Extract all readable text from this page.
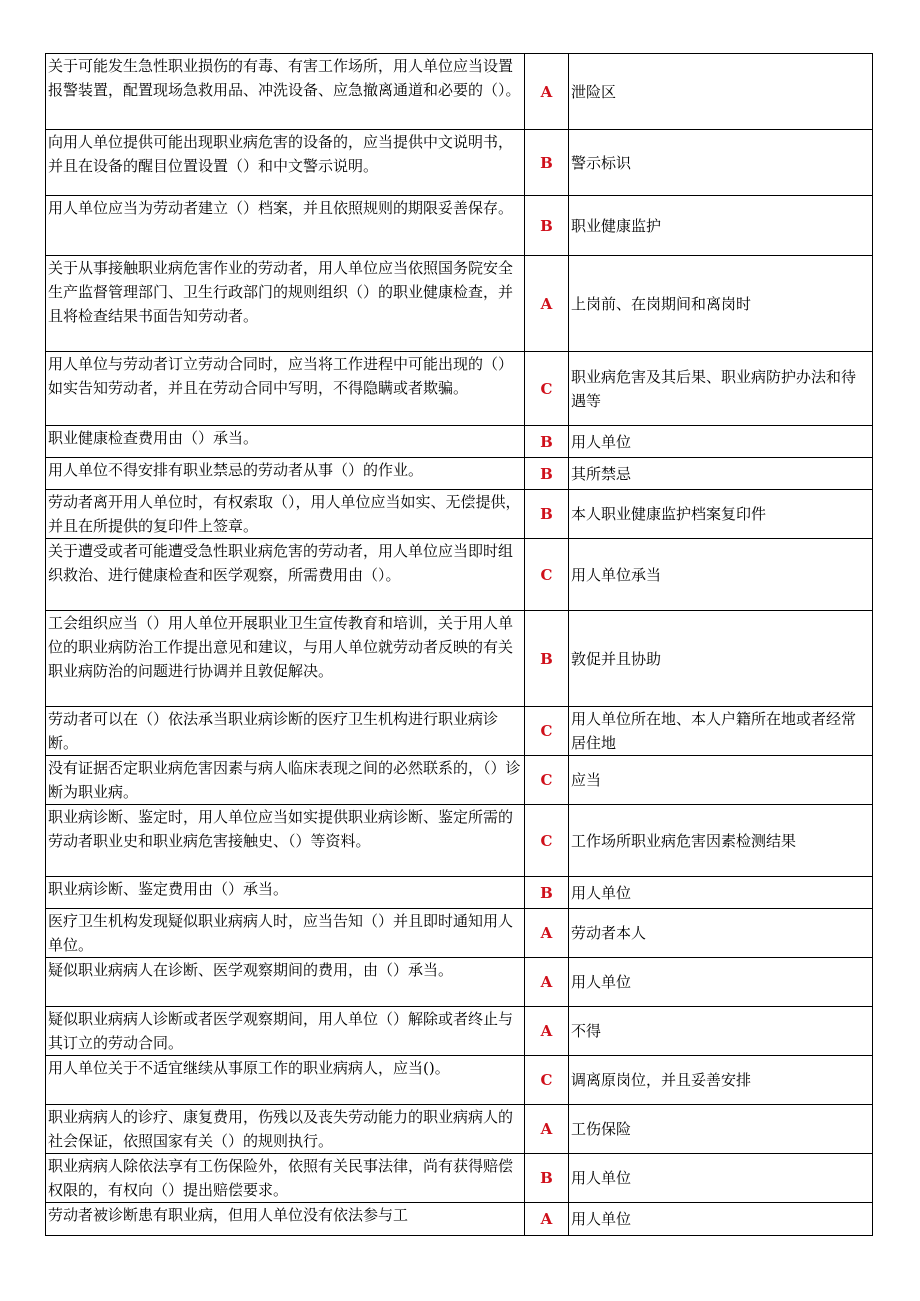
关于可能发生急性职业损伤的有毒、有害工作场所，用人单位应当设置报警装置，配置现场急救用品、冲洗设备、应急撤离通道和必要的（）。	A	泄险区
向用人单位提供可能出现职业病危害的设备的，应当提供中文说明书，并且在设备的醒目位置设置（）和中文警示说明。	B	警示标识
用人单位应当为劳动者建立（）档案，并且依照规则的期限妥善保存。	B	职业健康监护
关于从事接触职业病危害作业的劳动者，用人单位应当依照国务院安全生产监督管理部门、卫生行政部门的规则组织（）的职业健康检查，并且将检查结果书面告知劳动者。	A	上岗前、在岗期间和离岗时
用人单位与劳动者订立劳动合同时，应当将工作进程中可能出现的（）如实告知劳动者，并且在劳动合同中写明，不得隐瞒或者欺骗。	C	职业病危害及其后果、职业病防护办法和待遇等
职业健康检查费用由（）承当。	B	用人单位
用人单位不得安排有职业禁忌的劳动者从事（）的作业。	B	其所禁忌
劳动者离开用人单位时，有权索取（），用人单位应当如实、无偿提供，并且在所提供的复印件上签章。	B	本人职业健康监护档案复印件
关于遭受或者可能遭受急性职业病危害的劳动者，用人单位应当即时组织救治、进行健康检查和医学观察，所需费用由（）。	C	用人单位承当
工会组织应当（）用人单位开展职业卫生宣传教育和培训，关于用人单位的职业病防治工作提出意见和建议，与用人单位就劳动者反映的有关职业病防治的问题进行协调并且敦促解决。	B	敦促并且协助
劳动者可以在（）依法承当职业病诊断的医疗卫生机构进行职业病诊断。	C	用人单位所在地、本人户籍所在地或者经常居住地
没有证据否定职业病危害因素与病人临床表现之间的必然联系的，（）诊断为职业病。	C	应当
职业病诊断、鉴定时，用人单位应当如实提供职业病诊断、鉴定所需的劳动者职业史和职业病危害接触史、（）等资料。	C	工作场所职业病危害因素检测结果
职业病诊断、鉴定费用由（）承当。	B	用人单位
医疗卫生机构发现疑似职业病病人时，应当告知（）并且即时通知用人单位。	A	劳动者本人
疑似职业病病人在诊断、医学观察期间的费用，由（）承当。	A	用人单位
疑似职业病病人诊断或者医学观察期间，用人单位（）解除或者终止与其订立的劳动合同。	A	不得
用人单位关于不适宜继续从事原工作的职业病病人，应当()。	C	调离原岗位，并且妥善安排
职业病病人的诊疗、康复费用，伤残以及丧失劳动能力的职业病病人的社会保证，依照国家有关（）的规则执行。	A	工伤保险
职业病病人除依法享有工伤保险外，依照有关民事法律，尚有获得赔偿权限的，有权向（）提出赔偿要求。	B	用人单位
劳动者被诊断患有职业病，但用人单位没有依法参与工	A	用人单位
